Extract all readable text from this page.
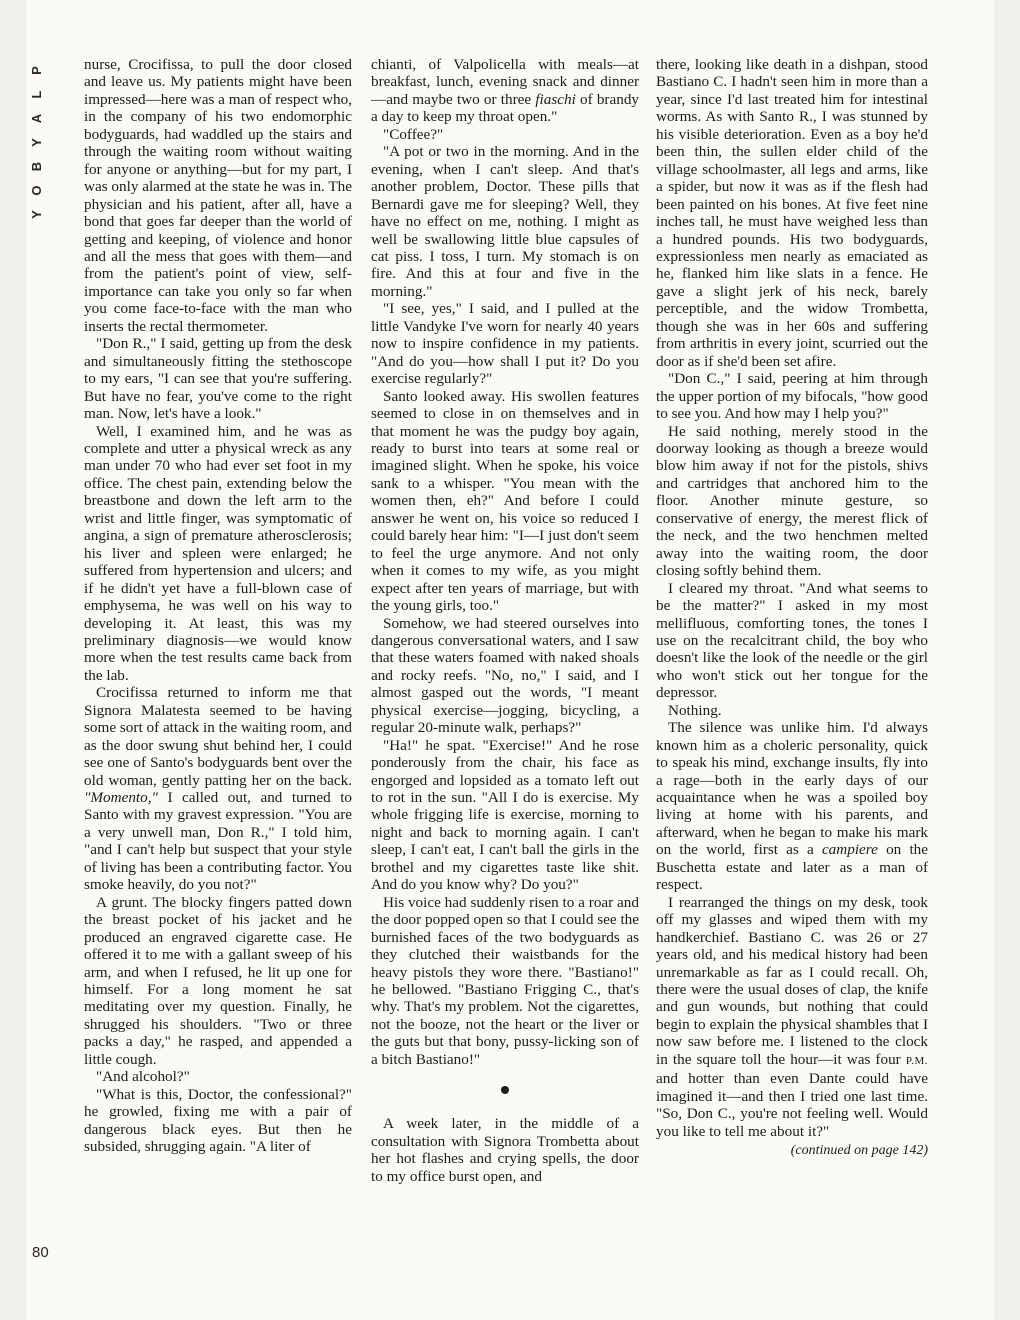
P
L
A
Y
B
O
Y
80

nurse, Crocifissa, to pull the door closed and leave us. My patients might have been impressed—here was a man of respect who, in the company of his two endomorphic bodyguards, had waddled up the stairs and through the waiting room without waiting for anyone or anything—but for my part, I was only alarmed at the state he was in. The physician and his patient, after all, have a bond that goes far deeper than the world of getting and keeping, of violence and honor and all the mess that goes with them—and from the patient's point of view, self-importance can take you only so far when you come face-to-face with the man who inserts the rectal thermometer.

"Don R.," I said, getting up from the desk and simultaneously fitting the stethoscope to my ears, "I can see that you're suffering. But have no fear, you've come to the right man. Now, let's have a look."

Well, I examined him, and he was as complete and utter a physical wreck as any man under 70 who had ever set foot in my office. The chest pain, extending below the breastbone and down the left arm to the wrist and little finger, was symptomatic of angina, a sign of premature atherosclerosis; his liver and spleen were enlarged; he suffered from hypertension and ulcers; and if he didn't yet have a full-blown case of emphysema, he was well on his way to developing it. At least, this was my preliminary diagnosis—we would know more when the test results came back from the lab.

Crocifissa returned to inform me that Signora Malatesta seemed to be having some sort of attack in the waiting room, and as the door swung shut behind her, I could see one of Santo's bodyguards bent over the old woman, gently patting her on the back. "Momento," I called out, and turned to Santo with my gravest expression. "You are a very unwell man, Don R.," I told him, "and I can't help but suspect that your style of living has been a contributing factor. You smoke heavily, do you not?"

A grunt. The blocky fingers patted down the breast pocket of his jacket and he produced an engraved cigarette case. He offered it to me with a gallant sweep of his arm, and when I refused, he lit up one for himself. For a long moment he sat meditating over my question. Finally, he shrugged his shoulders. "Two or three packs a day," he rasped, and appended a little cough.

"And alcohol?"

"What is this, Doctor, the confessional?" he growled, fixing me with a pair of dangerous black eyes. But then he subsided, shrugging again. "A liter of

chianti, of Valpolicella with meals—at breakfast, lunch, evening snack and dinner—and maybe two or three fiaschi of brandy a day to keep my throat open."

"Coffee?"

"A pot or two in the morning. And in the evening, when I can't sleep. And that's another problem, Doctor. These pills that Bernardi gave me for sleeping? Well, they have no effect on me, nothing. I might as well be swallowing little blue capsules of cat piss. I toss, I turn. My stomach is on fire. And this at four and five in the morning."

"I see, yes," I said, and I pulled at the little Vandyke I've worn for nearly 40 years now to inspire confidence in my patients. "And do you—how shall I put it? Do you exercise regularly?"

Santo looked away. His swollen features seemed to close in on themselves and in that moment he was the pudgy boy again, ready to burst into tears at some real or imagined slight. When he spoke, his voice sank to a whisper. "You mean with the women then, eh?" And before I could answer he went on, his voice so reduced I could barely hear him: "I—I just don't seem to feel the urge anymore. And not only when it comes to my wife, as you might expect after ten years of marriage, but with the young girls, too."

Somehow, we had steered ourselves into dangerous conversational waters, and I saw that these waters foamed with naked shoals and rocky reefs. "No, no," I said, and I almost gasped out the words, "I meant physical exercise—jogging, bicycling, a regular 20-minute walk, perhaps?"

"Ha!" he spat. "Exercise!" And he rose ponderously from the chair, his face as engorged and lopsided as a tomato left out to rot in the sun. "All I do is exercise. My whole frigging life is exercise, morning to night and back to morning again. I can't sleep, I can't eat, I can't ball the girls in the brothel and my cigarettes taste like shit. And do you know why? Do you?"

His voice had suddenly risen to a roar and the door popped open so that I could see the burnished faces of the two bodyguards as they clutched their waistbands for the heavy pistols they wore there. "Bastiano!" he bellowed. "Bastiano Frigging C., that's why. That's my problem. Not the cigarettes, not the booze, not the heart or the liver or the guts but that bony, pussy-licking son of a bitch Bastiano!"

A week later, in the middle of a consultation with Signora Trombetta about her hot flashes and crying spells, the door to my office burst open, and

there, looking like death in a dishpan, stood Bastiano C. I hadn't seen him in more than a year, since I'd last treated him for intestinal worms. As with Santo R., I was stunned by his visible deterioration. Even as a boy he'd been thin, the sullen elder child of the village schoolmaster, all legs and arms, like a spider, but now it was as if the flesh had been painted on his bones. At five feet nine inches tall, he must have weighed less than a hundred pounds. His two bodyguards, expressionless men nearly as emaciated as he, flanked him like slats in a fence. He gave a slight jerk of his neck, barely perceptible, and the widow Trombetta, though she was in her 60s and suffering from arthritis in every joint, scurried out the door as if she'd been set afire.

"Don C.," I said, peering at him through the upper portion of my bifocals, "how good to see you. And how may I help you?"

He said nothing, merely stood in the doorway looking as though a breeze would blow him away if not for the pistols, shivs and cartridges that anchored him to the floor. Another minute gesture, so conservative of energy, the merest flick of the neck, and the two henchmen melted away into the waiting room, the door closing softly behind them.

I cleared my throat. "And what seems to be the matter?" I asked in my most mellifluous, comforting tones, the tones I use on the recalcitrant child, the boy who doesn't like the look of the needle or the girl who won't stick out her tongue for the depressor.

Nothing.

The silence was unlike him. I'd always known him as a choleric personality, quick to speak his mind, exchange insults, fly into a rage—both in the early days of our acquaintance when he was a spoiled boy living at home with his parents, and afterward, when he began to make his mark on the world, first as a campiere on the Buschetta estate and later as a man of respect.

I rearranged the things on my desk, took off my glasses and wiped them with my handkerchief. Bastiano C. was 26 or 27 years old, and his medical history had been unremarkable as far as I could recall. Oh, there were the usual doses of clap, the knife and gun wounds, but nothing that could begin to explain the physical shambles that I now saw before me. I listened to the clock in the square toll the hour—it was four P.M. and hotter than even Dante could have imagined it—and then I tried one last time. "So, Don C., you're not feeling well. Would you like to tell me about it?"

(continued on page 142)
